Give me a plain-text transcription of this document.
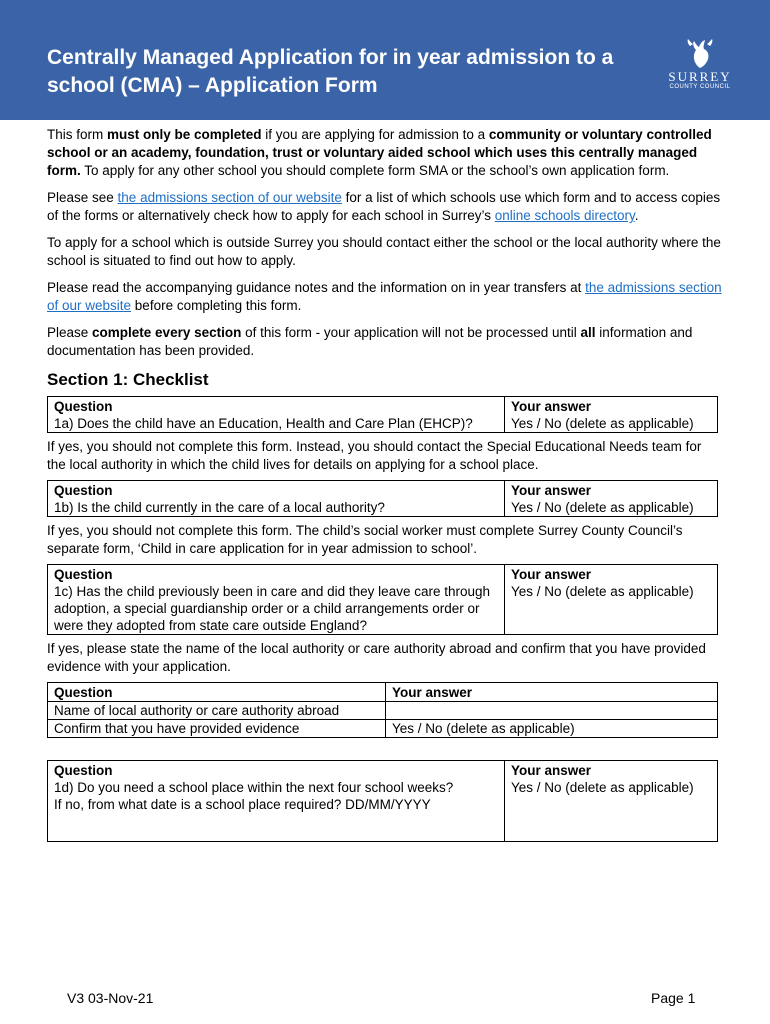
Centrally Managed Application for in year admission to a school (CMA) – Application Form	SURREY
COUNTY COUNCIL

This form must only be completed if you are applying for admission to a community or voluntary controlled school or an academy, foundation, trust or voluntary aided school which uses this centrally managed form. To apply for any other school you should complete form SMA or the school’s own application form.

Please see the admissions section of our website for a list of which schools use which form and to access copies of the forms or alternatively check how to apply for each school in Surrey’s online schools directory.

To apply for a school which is outside Surrey you should contact either the school or the local authority where the school is situated to find out how to apply.

Please read the accompanying guidance notes and the information on in year transfers at the admissions section of our website before completing this form.

Please complete every section of this form - your application will not be processed until all information and documentation has been provided.

Section 1: Checklist
Question	Your answer
1a) Does the child have an Education, Health and Care Plan (EHCP)?	Yes / No (delete as applicable)

If yes, you should not complete this form. Instead, you should contact the Special Educational Needs team for the local authority in which the child lives for details on applying for a school place.

Question	Your answer
1b) Is the child currently in the care of a local authority?	Yes / No (delete as applicable)

If yes, you should not complete this form. The child’s social worker must complete Surrey County Council’s separate form, ‘Child in care application for in year admission to school’.

Question	Your answer
1c) Has the child previously been in care and did they leave care through adoption, a special guardianship order or a child arrangements order or were they adopted from state care outside England?	Yes / No (delete as applicable)

If yes, please state the name of the local authority or care authority abroad and confirm that you have provided evidence with your application.

Question	Your answer
Name of local authority or care authority abroad	
Confirm that you have provided evidence	Yes / No (delete as applicable)
Question	Your answer

1d) Do you need a school place within the next four school weeks?
If no, from what date is a school place required? DD/MM/YYYY	Yes / No (delete as applicable)
V3 03-Nov-21	Page 1
